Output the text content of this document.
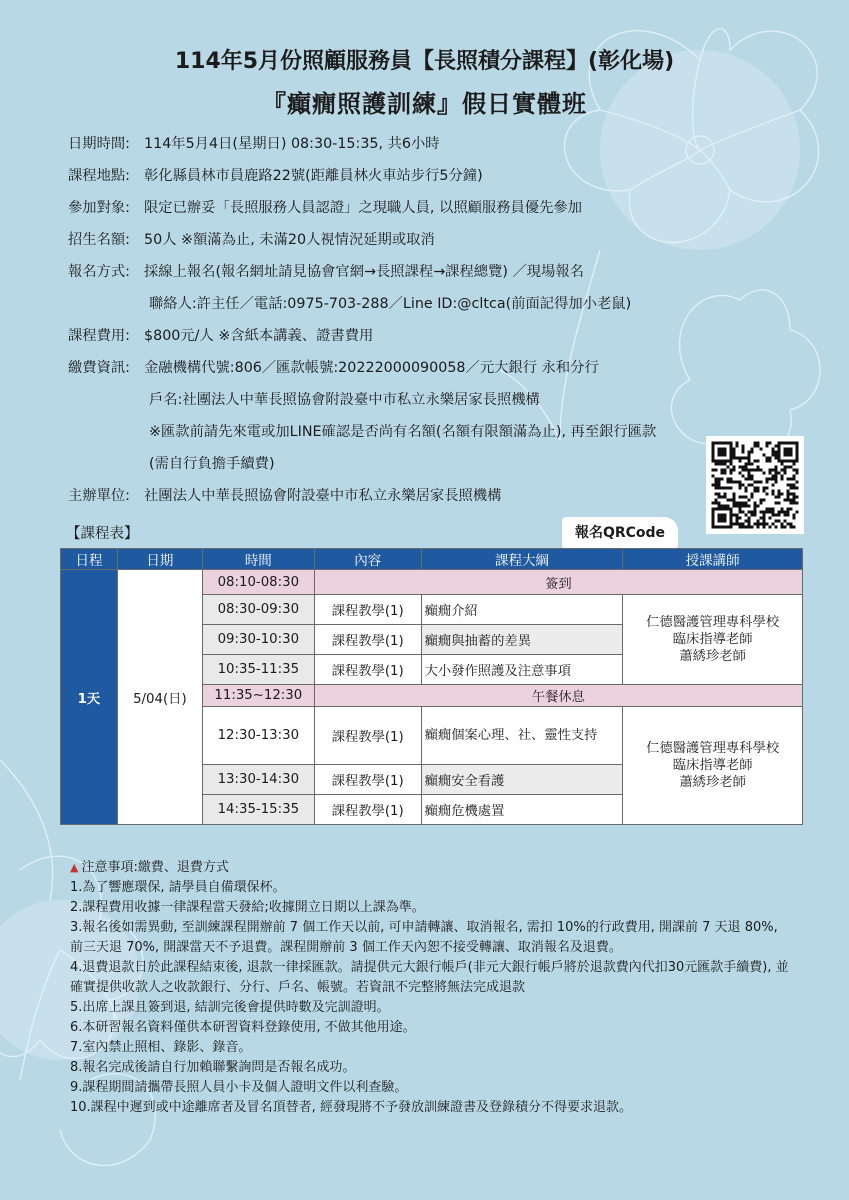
114年5月份照顧服務員【長照積分課程】(彰化場)
『癲癇照護訓練』假日實體班
日期時間: 114年5月4日(星期日) 08:30-15:35, 共6小時
課程地點: 彰化縣員林市員鹿路22號(距離員林火車站步行5分鐘)
參加對象: 限定已辦妥「長照服務人員認證」之現職人員, 以照顧服務員優先參加
招生名額: 50人 ※額滿為止, 未滿20人視情況延期或取消
報名方式: 採線上報名(報名網址請見協會官網→長照課程→課程總覽) ／現場報名
聯絡人:許主任／電話:0975-703-288／Line ID:@cltca(前面記得加小老鼠)
課程費用: $800元/人 ※含紙本講義、證書費用
繳費資訊: 金融機構代號:806／匯款帳號:20222000090058／元大銀行 永和分行
戶名:社團法人中華長照協會附設臺中市私立永樂居家長照機構
※匯款前請先來電或加LINE確認是否尚有名額(名額有限額滿為止), 再至銀行匯款
(需自行負擔手續費)
主辦單位: 社團法人中華長照協會附設臺中市私立永樂居家長照機構
報名QRCode
【課程表】
日程	日期	時間	內容	課程大綱	授課講師
1天	5/04(日)	08:10-08:30	簽到		
		08:30-09:30	課程教學(1)	癲癇介紹	仁德醫護管理專科學校
臨床指導老師
蕭綉珍老師

		09:30-10:30	課程教學(1)	癲癇與抽蓄的差異	
		10:35-11:35	課程教學(1)	大小發作照護及注意事項	
		11:35~12:30	午餐休息		
		12:30-13:30	課程教學(1)	癲癇個案心理、社、靈性支持	仁德醫護管理專科學校
臨床指導老師
蕭綉珍老師

		13:30-14:30	課程教學(1)	癲癇安全看護	
		14:35-15:35	課程教學(1)	癲癇危機處置	

▲ 注意事項:繳費、退費方式

1.為了響應環保, 請學員自備環保杯。

2.課程費用收據一律課程當天發給;收據開立日期以上課為準。

3.報名後如需異動, 至訓練課程開辦前 7 個工作天以前, 可申請轉讓、取消報名, 需扣 10%的行政費用, 開課前 7 天退 80%, 前三天退 70%, 開課當天不予退費。課程開辦前 3 個工作天內恕不接受轉讓、取消報名及退費。

4.退費退款日於此課程結束後, 退款一律採匯款。請提供元大銀行帳戶(非元大銀行帳戶將於退款費內代扣30元匯款手續費), 並確實提供收款人之收款銀行、分行、戶名、帳號。若資訊不完整將無法完成退款

5.出席上課且簽到退, 結訓完後會提供時數及完訓證明。

6.本研習報名資料僅供本研習資料登錄使用, 不做其他用途。

7.室內禁止照相、錄影、錄音。

8.報名完成後請自行加賴聯繫詢問是否報名成功。

9.課程期間請攜帶長照人員小卡及個人證明文件以利查驗。

10.課程中遲到或中途離席者及冒名頂替者, 經發現將不予發放訓練證書及登錄積分不得要求退款。
